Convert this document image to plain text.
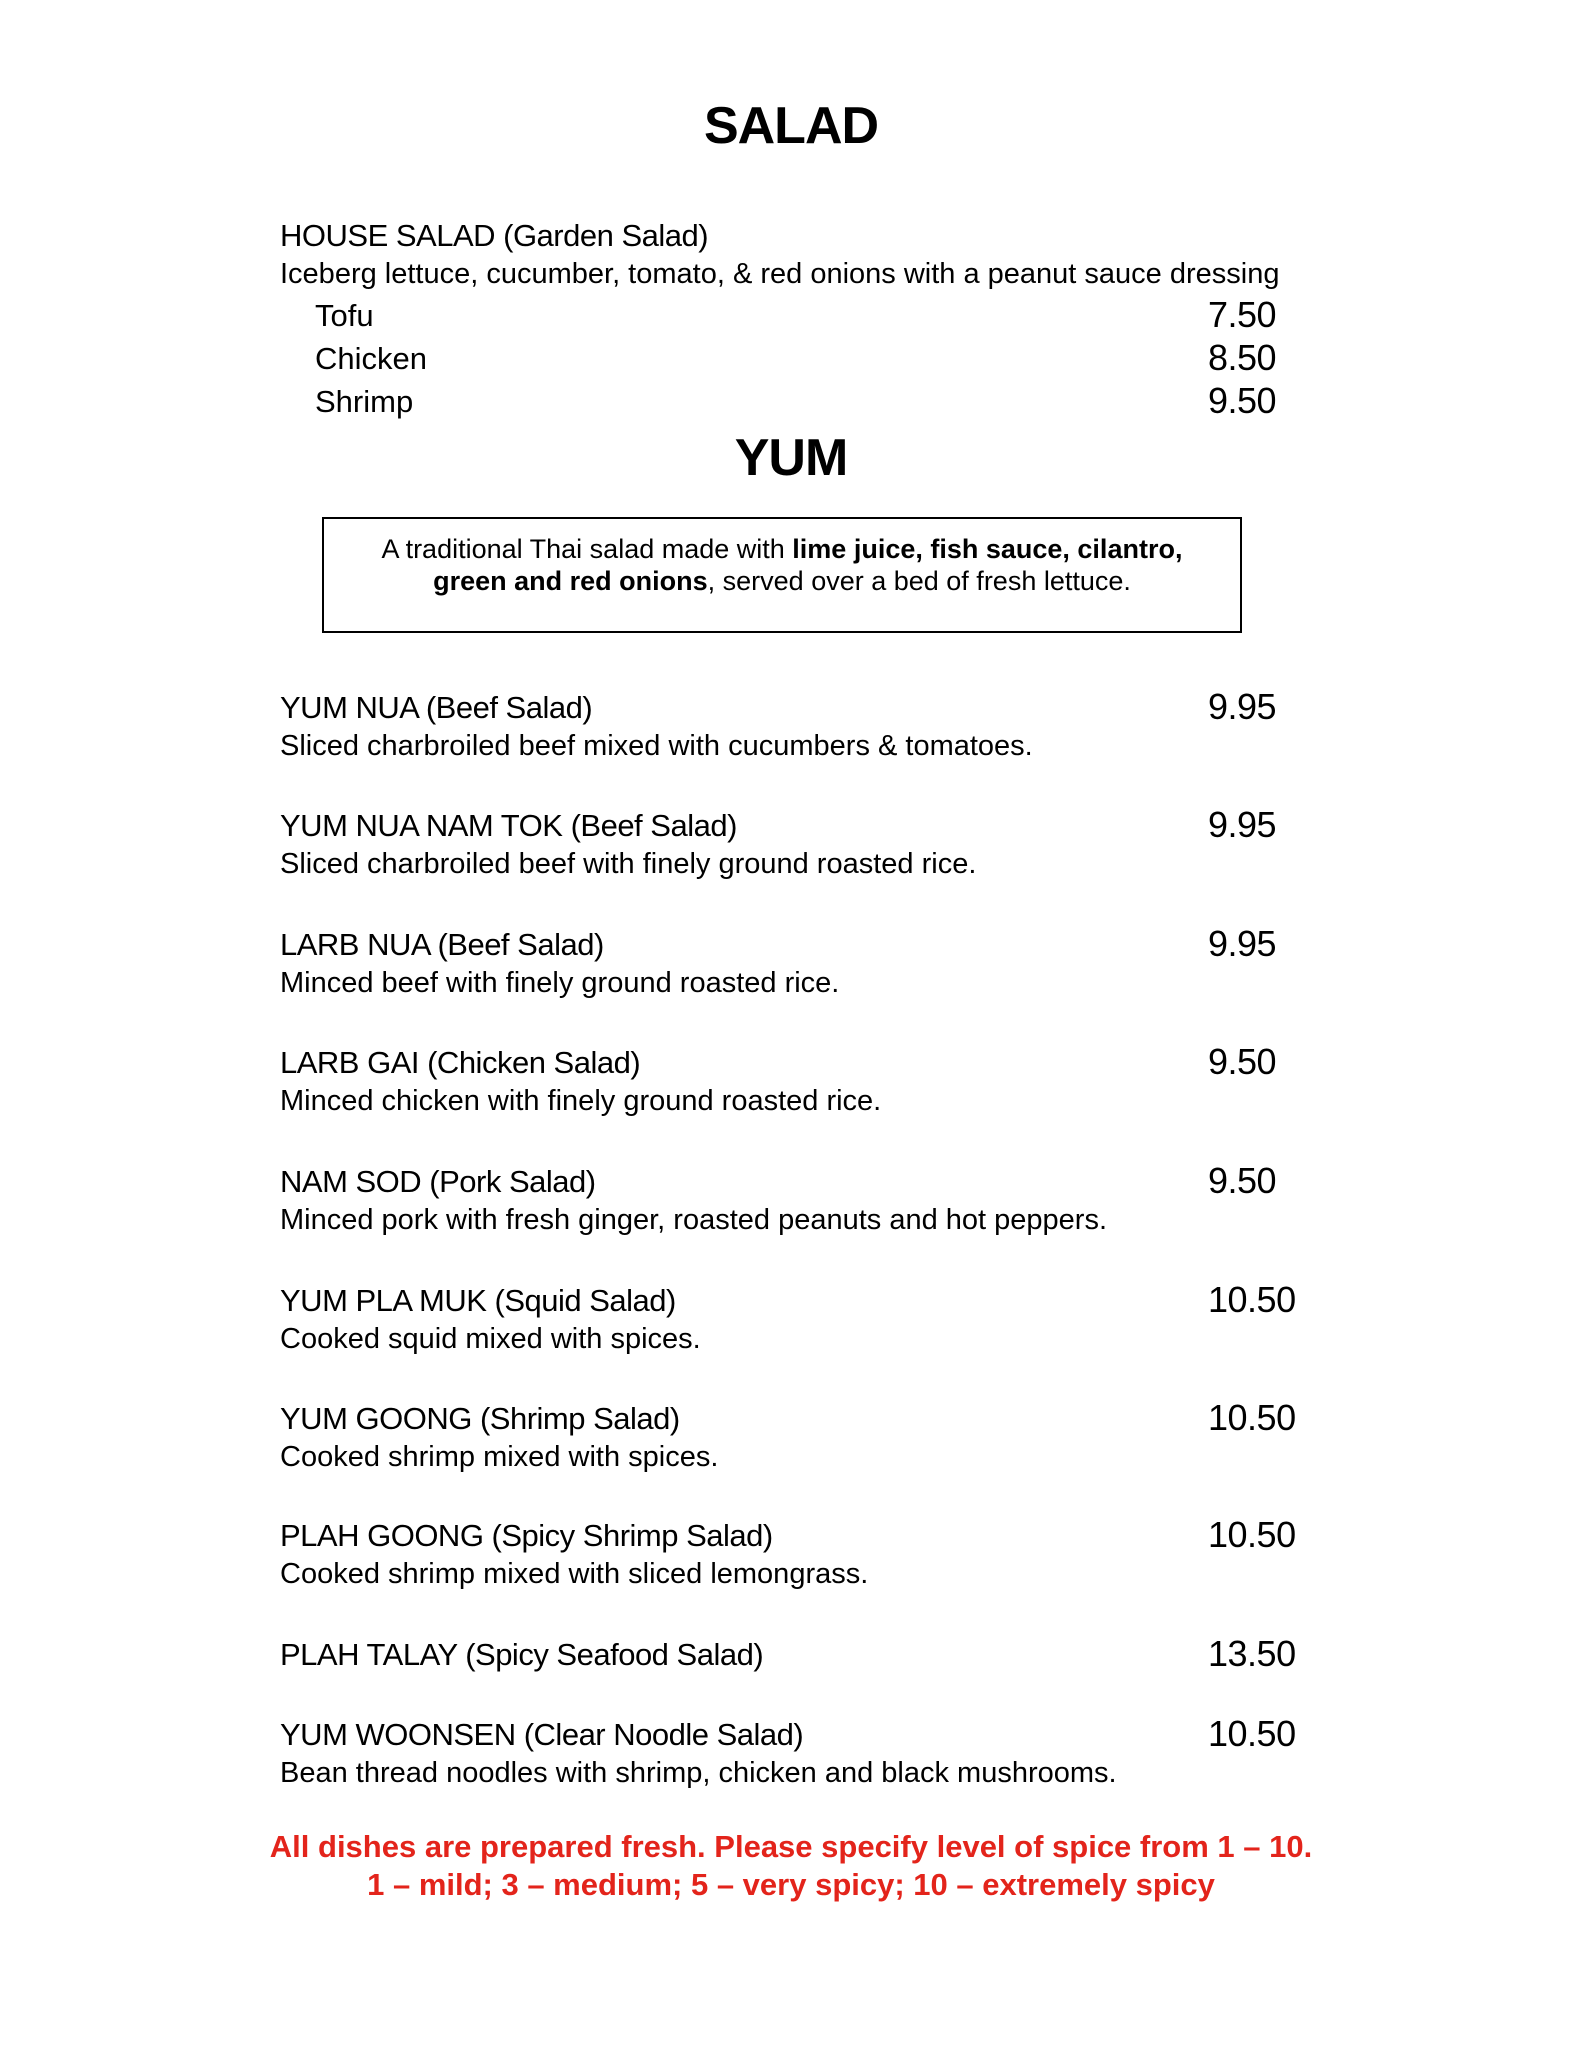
SALAD
HOUSE SALAD (Garden Salad)
Iceberg lettuce, cucumber, tomato, & red onions with a peanut sauce dressing
Tofu	7.50
Chicken	8.50
Shrimp	9.50
YUM
A traditional Thai salad made with lime juice, fish sauce, cilantro,
green and red onions, served over a bed of fresh lettuce.
YUM NUA (Beef Salad)	9.95
Sliced charbroiled beef mixed with cucumbers & tomatoes.
YUM NUA NAM TOK (Beef Salad)	9.95
Sliced charbroiled beef with finely ground roasted rice.
LARB NUA (Beef Salad)	9.95
Minced beef with finely ground roasted rice.
LARB GAI (Chicken Salad)	9.50
Minced chicken with finely ground roasted rice.
NAM SOD (Pork Salad)	9.50
Minced pork with fresh ginger, roasted peanuts and hot peppers.
YUM PLA MUK (Squid Salad)	10.50
Cooked squid mixed with spices.
YUM GOONG (Shrimp Salad)	10.50
Cooked shrimp mixed with spices.
PLAH GOONG (Spicy Shrimp Salad)	10.50
Cooked shrimp mixed with sliced lemongrass.
PLAH TALAY (Spicy Seafood Salad)	13.50
YUM WOONSEN (Clear Noodle Salad)	10.50
Bean thread noodles with shrimp, chicken and black mushrooms.
All dishes are prepared fresh. Please specify level of spice from 1 – 10.
1 – mild; 3 – medium; 5 – very spicy; 10 – extremely spicy
